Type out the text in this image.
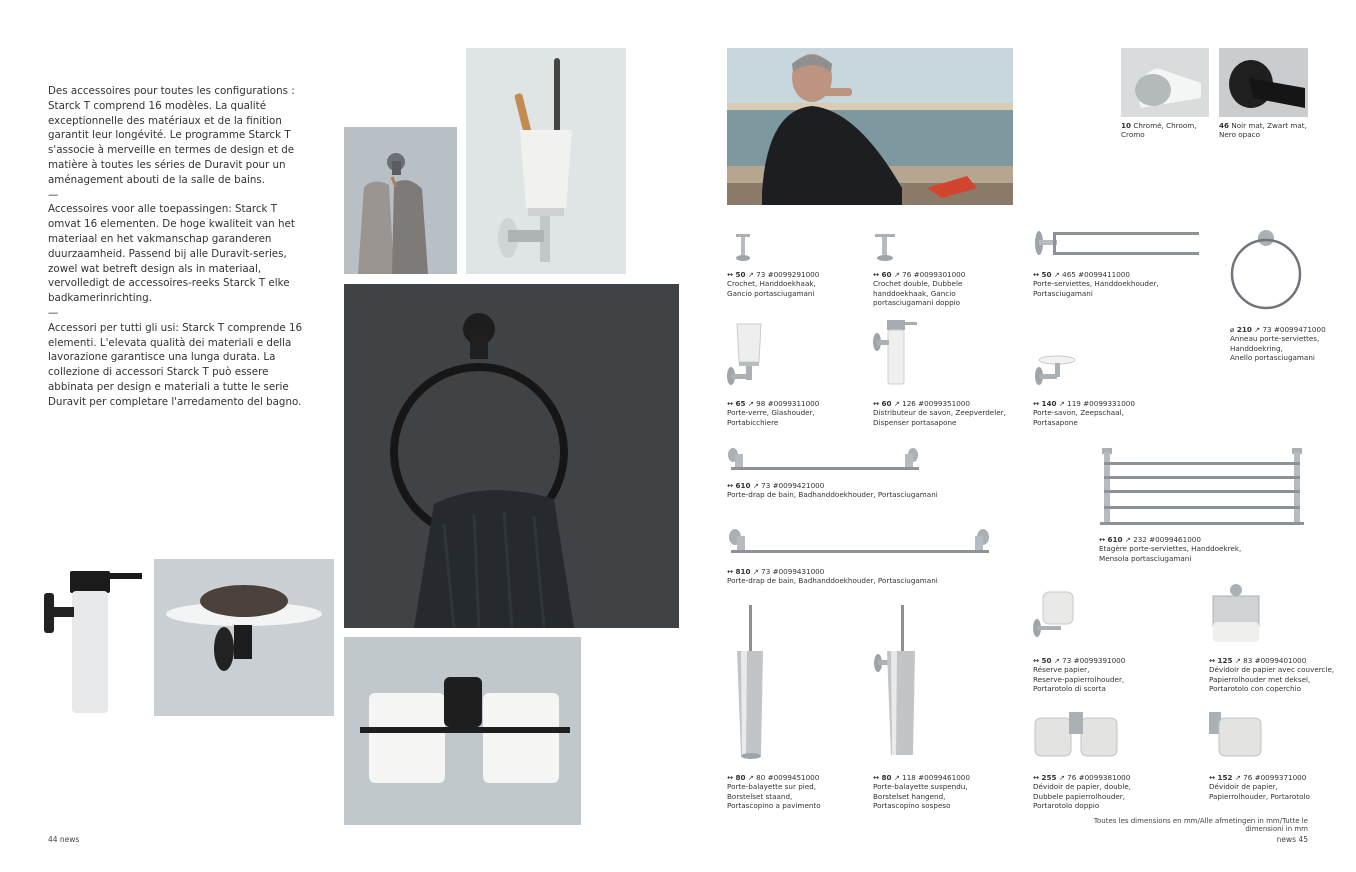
Des accessoires pour toutes les configurations : Starck T comprend 16 modèles. La qualité exceptionnelle des matériaux et de la finition garantit leur longévité. Le programme Starck T s'associe à merveille en termes de design et de matière à toutes les séries de Duravit pour un aménagement abouti de la salle de bains.

—

Accessoires voor alle toepassingen: Starck T omvat 16 elementen. De hoge kwaliteit van het materiaal en het vakmanschap garanderen duurzaamheid. Passend bij alle Duravit-series, zowel wat betreft design als in materiaal, vervolledigt de accessoires-reeks Starck T elke badkamerinrichting.

—

Accessori per tutti gli usi: Starck T comprende 16 elementi. L'elevata qualità dei materiali e della lavorazione garantisce una lunga durata. La collezione di accessori Starck T può essere abbinata per design e materiali a tutte le serie Duravit per completare l'arredamento del bagno.

44 news
10 Chromé, Chroom, Cromo
46 Noir mat, Zwart mat,
Nero opaco
↔ 50 ↗ 73 #0099291000
Crochet, Handdoekhaak,
Gancio portasciugamani
↔ 60 ↗ 76 #0099301000
Crochet double, Dubbele
handdoekhaak, Gancio
portasciugamani doppio
↔ 50 ↗ 465 #0099411000
Porte-serviettes, Handdoekhouder,
Portasciugamani
⌀ 210 ↗ 73 #0099471000
Anneau porte-serviettes,
Handdoekring,
Anello portasciugamani
↔ 65 ↗ 98 #0099311000
Porte-verre, Glashouder,
Portabicchiere
↔ 60 ↗ 126 #0099351000
Distributeur de savon, Zeepverdeler,
Dispenser portasapone
↔ 140 ↗ 119 #0099331000
Porte-savon, Zeepschaal,
Portasapone
↔ 610 ↗ 73 #0099421000
Porte-drap de bain, Badhanddoekhouder, Portasciugamani
↔ 610 ↗ 232 #0099461000
Etagère porte-serviettes, Handdoekrek,
Mensola portasciugamani
↔ 810 ↗ 73 #0099431000
Porte-drap de bain, Badhanddoekhouder, Portasciugamani
↔ 50 ↗ 73 #0099391000
Réserve papier,
Reserve-papierrolhouder,
Portarotolo di scorta
↔ 125 ↗ 83 #0099401000
Dévidoir de papier avec couvercle,
Papierrolhouder met deksel,
Portarotolo con coperchio
↔ 80 ↗ 80 #0099451000
Porte-balayette sur pied,
Borstelset staand,
Portascopino a pavimento
↔ 80 ↗ 118 #0099461000
Porte-balayette suspendu,
Borstelset hangend,
Portascopino sospeso
↔ 255 ↗ 76 #0099381000
Dévidoir de papier, double,
Dubbele papierrolhouder,
Portarotolo doppio
↔ 152 ↗ 76 #0099371000
Dévidoir de papier,
Papierrolhouder, Portarotolo
Toutes les dimensions en mm/Alle afmetingen in mm/Tutte le dimensioni in mm
news 45
